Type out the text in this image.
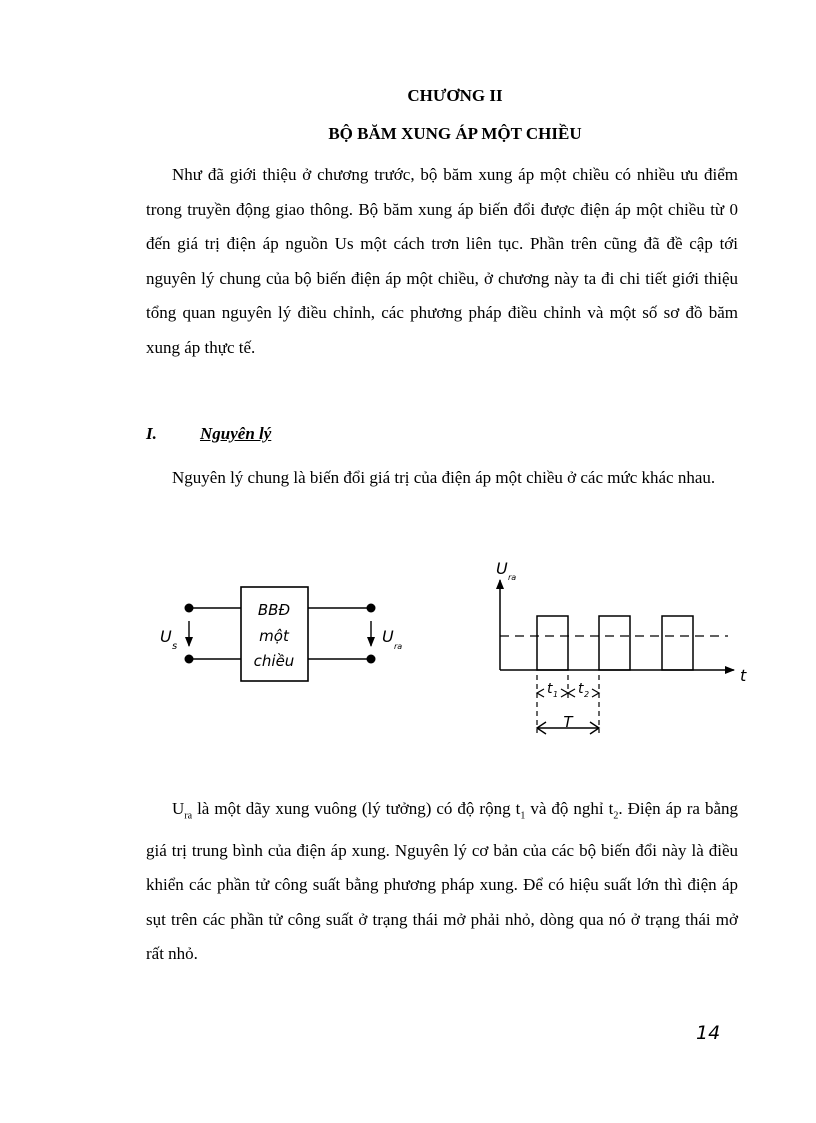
CHƯƠNG II
BỘ BĂM XUNG ÁP MỘT CHIỀU

Như đã giới thiệu ở chương trước, bộ băm xung áp một chiều có nhiều ưu điểm trong truyền động giao thông. Bộ băm xung áp biến đổi được điện áp một chiều từ 0 đến giá trị điện áp nguồn Us một cách trơn liên tục. Phần trên cũng đã đề cập tới nguyên lý chung của bộ biến điện áp một chiều, ở chương này ta đi chi tiết giới thiệu tổng quan nguyên lý điều chỉnh, các phương pháp điều chỉnh và một số sơ đồ băm xung áp thực tế.

I.	Nguyên lý

Nguyên lý chung là biến đổi giá trị của điện áp một chiều ở các mức khác nhau.

BBĐ
một
chiều
U
s
U
ra
U ra
t
t 1 t 2
T

$U_{ra}$ là một dãy xung vuông (lý tưởng) có độ rộng $t_1$ và độ nghỉ $t_2$. Điện áp ra bằng giá trị trung bình của điện áp xung. Nguyên lý cơ bản của các bộ biến đổi này là điều khiển các phần tử công suất bằng phương pháp xung. Để có hiệu suất lớn thì điện áp sụt trên các phần tử công suất ở trạng thái mở phải nhỏ, dòng qua nó ở trạng thái mở rất nhỏ.

14
